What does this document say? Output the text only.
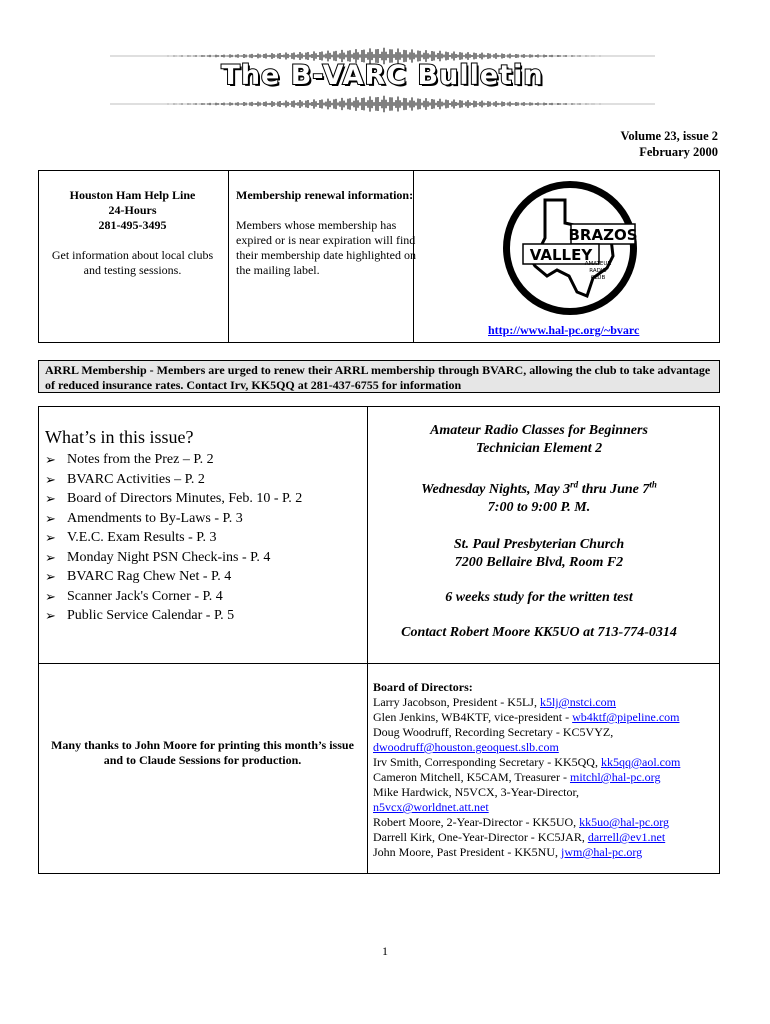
The B-VARC Bulletin
Volume 23, issue 2
February 2000
Houston Ham Help Line
24-Hours
281-495-3495
Get information about local clubs and testing sessions.
Membership renewal information:
Members whose membership has expired or is near expiration will find their membership date highlighted on the mailing label.
BRAZOS
VALLEY
AMATEUR
RADIO
CLUB
http://www.hal-pc.org/~bvarc
ARRL Membership - Members are urged to renew their ARRL membership through BVARC, allowing the club to take advantage of reduced insurance rates. Contact Irv, KK5QQ at 281-437-6755 for information
What’s in this issue?
➢ Notes from the Prez – P. 2
➢ BVARC Activities – P. 2
➢ Board of Directors Minutes, Feb. 10 - P. 2
➢ Amendments to By-Laws - P. 3
➢ V.E.C. Exam Results - P. 3
➢ Monday Night PSN Check-ins - P. 4
➢ BVARC Rag Chew Net - P. 4
➢ Scanner Jack's Corner - P. 4
➢ Public Service Calendar - P. 5

Amateur Radio Classes for Beginners
Technician Element 2

Wednesday Nights, May 3rd thru June 7th
7:00 to 9:00 P. M.

St. Paul Presbyterian Church
7200 Bellaire Blvd, Room F2

6 weeks study for the written test

Contact Robert Moore KK5UO at 713-774-0314

Many thanks to John Moore for printing this month’s issue and to Claude Sessions for production.
Board of Directors:
Larry Jacobson, President - K5LJ, k5lj@nstci.com
Glen Jenkins, WB4KTF, vice-president - wb4ktf@pipeline.com
Doug Woodruff, Recording Secretary - KC5VYZ,
dwoodruff@houston.geoquest.slb.com
Irv Smith, Corresponding Secretary - KK5QQ, kk5qq@aol.com
Cameron Mitchell, K5CAM, Treasurer - mitchl@hal-pc.org
Mike Hardwick, N5VCX, 3-Year-Director,
n5vcx@worldnet.att.net
Robert Moore, 2-Year-Director - KK5UO, kk5uo@hal-pc.org
Darrell Kirk, One-Year-Director - KC5JAR, darrell@ev1.net
John Moore, Past President - KK5NU, jwm@hal-pc.org
1
